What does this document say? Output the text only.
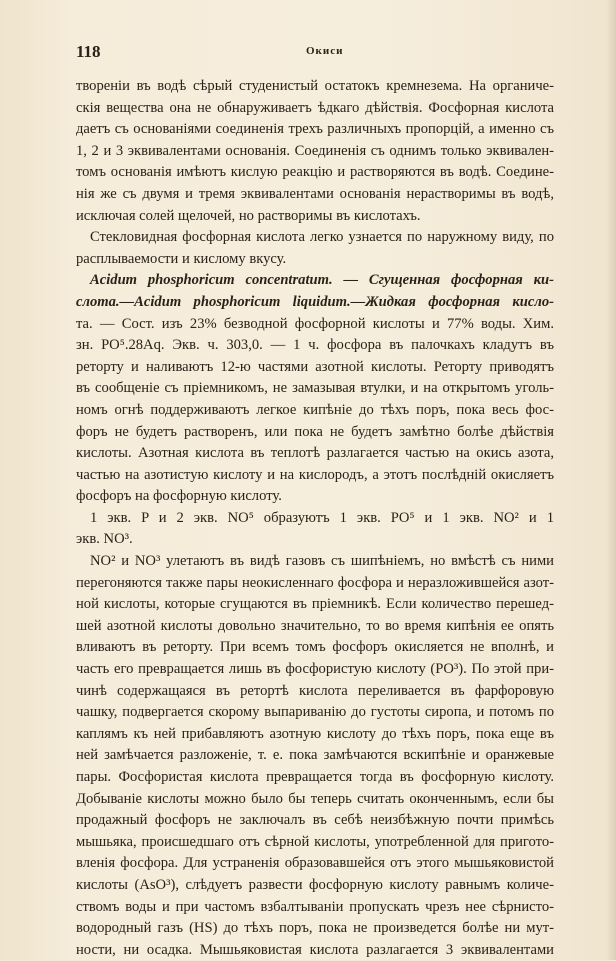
118	Окиси

твореніи въ водѣ сѣрый студенистый остатокъ кремнезема. На органиче-

скія вещества она не обнаруживаетъ ѣдкаго дѣйствія. Фосфорная кислота

даетъ съ основаніями соединенія трехъ различныхъ пропорцій, а именно съ

1, 2 и 3 эквивалентами основанія. Соединенія съ однимъ только эквивален-

томъ основанія имѣютъ кислую реакцію и растворяются въ водѣ. Соедине-

нія же съ двумя и тремя эквивалентами основанія нерастворимы въ водѣ,

исключая солей щелочей, но растворимы въ кислотахъ.

Стекловидная фосфорная кислота легко узнается по наружному виду, по

расплываемости и кислому вкусу.

Acidum phosphoricum concentratum. — Сгущенная фосфорная ки-

слота.—Acidum phosphoricum liquidum.—Жидкая фосфорная кисло-

та. — Сост. изъ 23% безводной фосфорной кислоты и 77% воды. Хим.

зн. PO⁵.28Aq. Экв. ч. 303,0. — 1 ч. фосфора въ палочкахъ кладутъ въ

реторту и наливаютъ 12-ю частями азотной кислоты. Реторту приводятъ

въ сообщеніе съ пріемникомъ, не замазывая втулки, и на открытомъ уголь-

номъ огнѣ поддерживаютъ легкое кипѣніе до тѣхъ поръ, пока весь фос-

форъ не будетъ растворенъ, или пока не будетъ замѣтно болѣе дѣйствія

кислоты. Азотная кислота въ теплотѣ разлагается частью на окись азота,

частью на азотистую кислоту и на кислородъ, а этотъ послѣдній окисляетъ

фосфоръ на фосфорную кислоту.

1 экв. P и 2 экв. NO⁵ образуютъ 1 экв. PO⁵ и 1 экв. NO² и 1

экв. NO³.

NO² и NO³ улетаютъ въ видѣ газовъ съ шипѣніемъ, но вмѣстѣ съ ними

перегоняются также пары неокисленнаго фосфора и неразложившейся азот-

ной кислоты, которые сгущаются въ пріемникѣ. Если количество перешед-

шей азотной кислоты довольно значительно, то во время кипѣнія ее опять

вливаютъ въ реторту. При всемъ томъ фосфоръ окисляется не вполнѣ, и

часть его превращается лишь въ фосфористую кислоту (PO³). По этой при-

чинѣ содержащаяся въ ретортѣ кислота переливается въ фарфоровую

чашку, подвергается скорому выпариванію до густоты сиропа, и потомъ по

каплямъ къ ней прибавляютъ азотную кислоту до тѣхъ поръ, пока еще въ

ней замѣчается разложеніе, т. е. пока замѣчаются вскипѣніе и оранжевые

пары. Фосфористая кислота превращается тогда въ фосфорную кислоту.

Добываніе кислоты можно было бы теперь считать оконченнымъ, если бы

продажный фосфоръ не заключалъ въ себѣ неизбѣжную почти примѣсь

мышьяка, происшедшаго отъ сѣрной кислоты, употребленной для пригото-

вленія фосфора. Для устраненія образовавшейся отъ этого мышьяковистой

кислоты (AsO³), слѣдуетъ развести фосфорную кислоту равнымъ количе-

ствомъ воды и при частомъ взбалтываніи пропускать чрезъ нее сѣрнисто-

водородный газъ (HS) до тѣхъ поръ, пока не произведется болѣе ни мут-

ности, ни осадка. Мышьяковистая кислота разлагается 3 эквивалентами
